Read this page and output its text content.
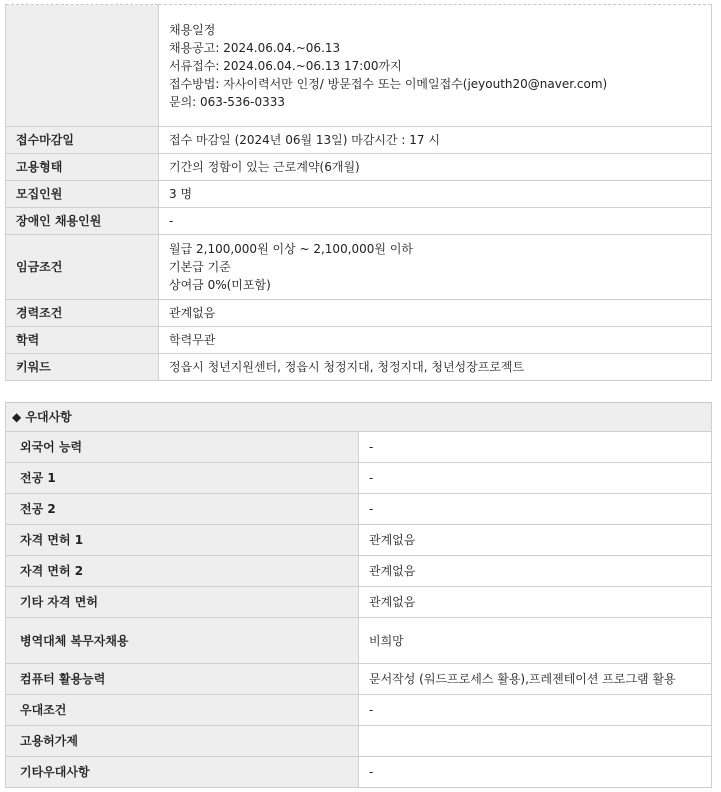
	채용일정
채용공고: 2024.06.04.~06.13
서류접수: 2024.06.04.~06.13 17:00까지
접수방법: 자사이력서만 인정/ 방문접수 또는 이메일접수(jeyouth20@naver.com)
문의: 063-536-0333

접수마감일	접수 마감일 (2024년 06월 13일) 마감시간 : 17 시
고용형태	기간의 정함이 있는 근로계약(6개월)
모집인원	3 명
장애인 채용인원	-
임금조건	월급 2,100,000원 이상 ~ 2,100,000원 이하
기본급 기준
상여금 0%(미포함)

경력조건	관계없음
학력	학력무관
키워드	정읍시 청년지원센터, 정읍시 청정지대, 청정지대, 청년성장프로젝트
◆ 우대사항	
외국어 능력	-
전공 1	-
전공 2	-
자격 면허 1	관계없음
자격 면허 2	관계없음
기타 자격 면허	관계없음
병역대체 복무자채용	비희망
컴퓨터 활용능력	문서작성 (워드프로세스 활용),프레젠테이션 프로그램 활용
우대조건	-
고용허가제	
기타우대사항	-
